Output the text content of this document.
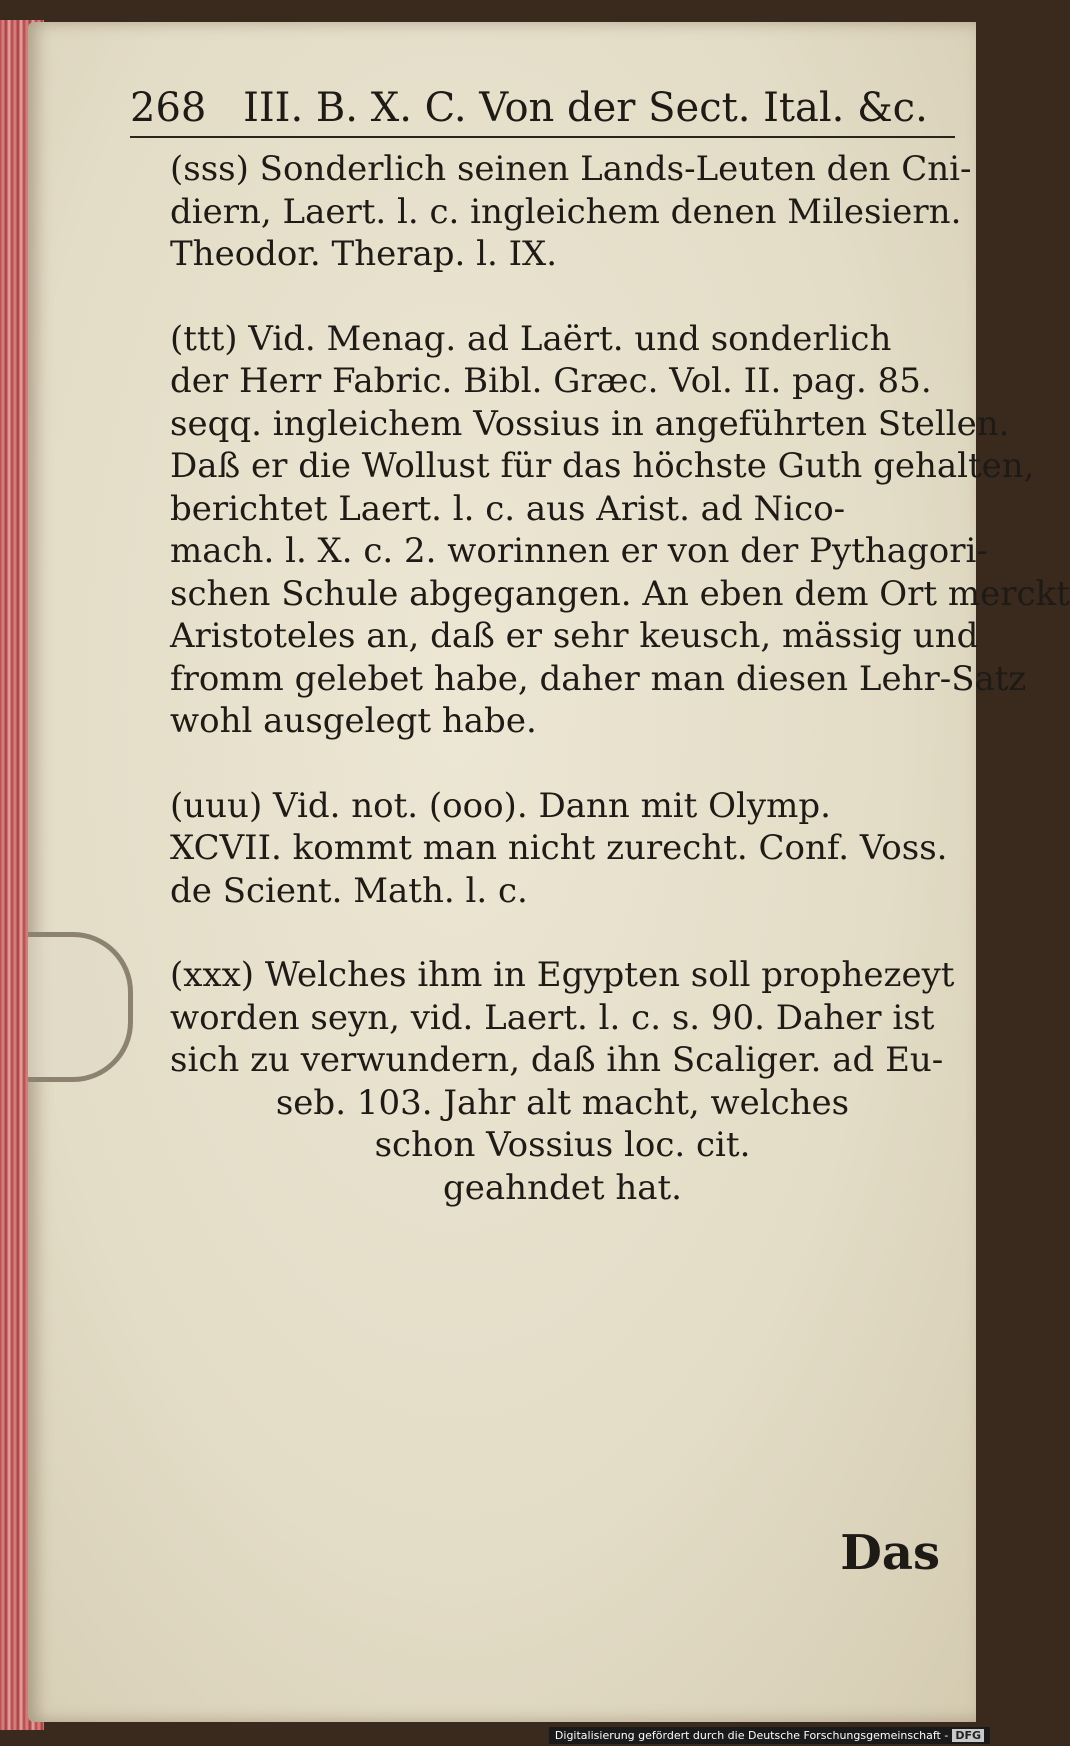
268 III. B. X. C. Von der Sect. Ital. &c.
(sss) Sonderlich seinen Lands-Leuten den Cni-
diern, Laert. l. c. ingleichem denen Milesiern.
Theodor. Therap. l. IX.
(ttt) Vid. Menag. ad Laërt. und sonderlich
der Herr Fabric. Bibl. Græc. Vol. II. pag. 85.
seqq. ingleichem Vossius in angeführten Stellen.
Daß er die Wollust für das höchste Guth gehalten,
berichtet Laert. l. c. aus Arist. ad Nico-
mach. l. X. c. 2. worinnen er von der Pythagori-
schen Schule abgegangen. An eben dem Ort merckt
Aristoteles an, daß er sehr keusch, mässig und
fromm gelebet habe, daher man diesen Lehr-Satz
wohl ausgelegt habe.
(uuu) Vid. not. (ooo). Dann mit Olymp.
XCVII. kommt man nicht zurecht. Conf. Voss.
de Scient. Math. l. c.
(xxx) Welches ihm in Egypten soll prophezeyt
worden seyn, vid. Laert. l. c. s. 90. Daher ist
sich zu verwundern, daß ihn Scaliger. ad Eu-
seb. 103. Jahr alt macht, welches
schon Vossius loc. cit.
geahndet hat.
Das
Digitalisierung gefördert durch die Deutsche Forschungsgemeinschaft - DFG
